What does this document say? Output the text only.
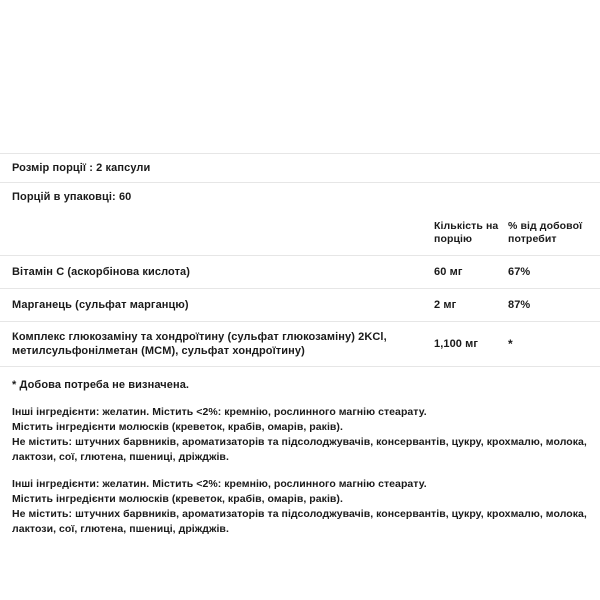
Розмір порції : 2 капсули
Порцій в упаковці: 60
	Кількість на порцію	% від добової потребит
Вітамін С (аскорбінова кислота)	60 мг	67%
Марганець (сульфат марганцю)	2 мг	87%
Комплекс глюкозаміну та хондроїтину (сульфат глюкозаміну) 2KCl, метилсульфонілметан (MCM), сульфат хондроїтину)	1,100 мг	*
* Добова потреба не визначена.

Інші інгредієнти: желатин. Містить <2%: кремнію, рослинного магнію стеарату.

Містить інгредієнти молюсків (креветок, крабів, омарів, раків).

Не містить: штучних барвників, ароматизаторів та підсолоджувачів, консервантів, цукру, крохмалю, молока, лактози, сої, глютена, пшениці, дріжджів.

Інші інгредієнти: желатин. Містить <2%: кремнію, рослинного магнію стеарату.

Містить інгредієнти молюсків (креветок, крабів, омарів, раків).

Не містить: штучних барвників, ароматизаторів та підсолоджувачів, консервантів, цукру, крохмалю, молока, лактози, сої, глютена, пшениці, дріжджів.
